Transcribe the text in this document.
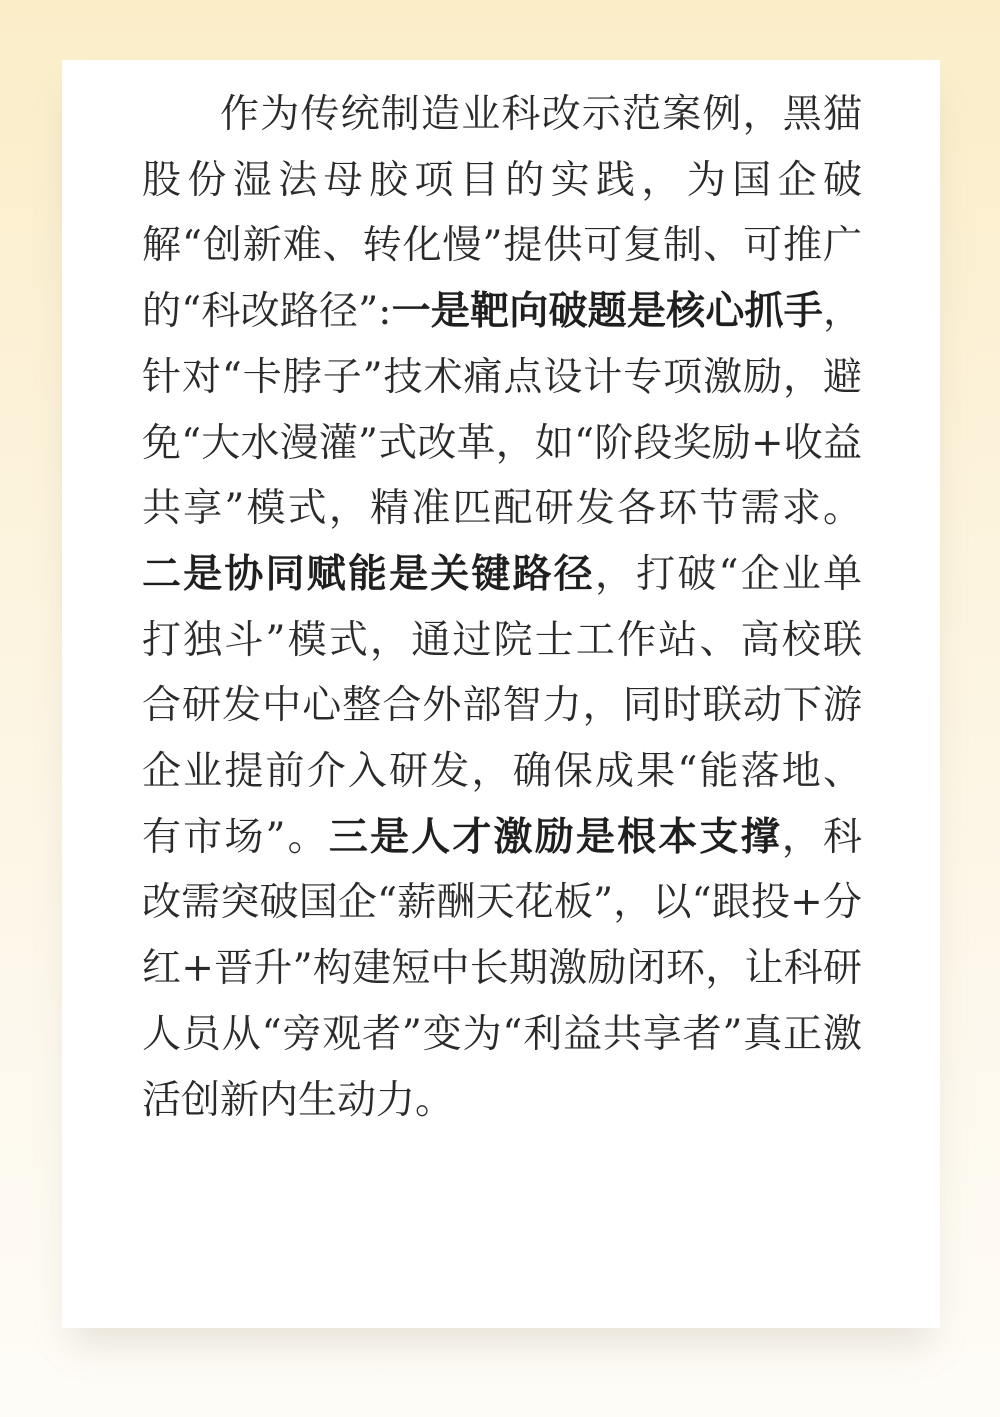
作为传统制造业科改示范案例，黑猫股份湿法母胶项目的实践，为国企破解“创新难、转化慢”提供可复制、可推广的“科改路径”:一是靶向破题是核心抓手，针对“卡脖子”技术痛点设计专项激励，避免“大水漫灌”式改革，如“阶段奖励+收益共享”模式，精准匹配研发各环节需求。二是协同赋能是关键路径，打破“企业单打独斗”模式，通过院士工作站、高校联合研发中心整合外部智力，同时联动下游企业提前介入研发，确保成果“能落地、有市场”。三是人才激励是根本支撑，科改需突破国企“薪酬天花板”，以“跟投+分红+晋升”构建短中长期激励闭环，让科研人员从“旁观者”变为“利益共享者”真正激活创新内生动力。
